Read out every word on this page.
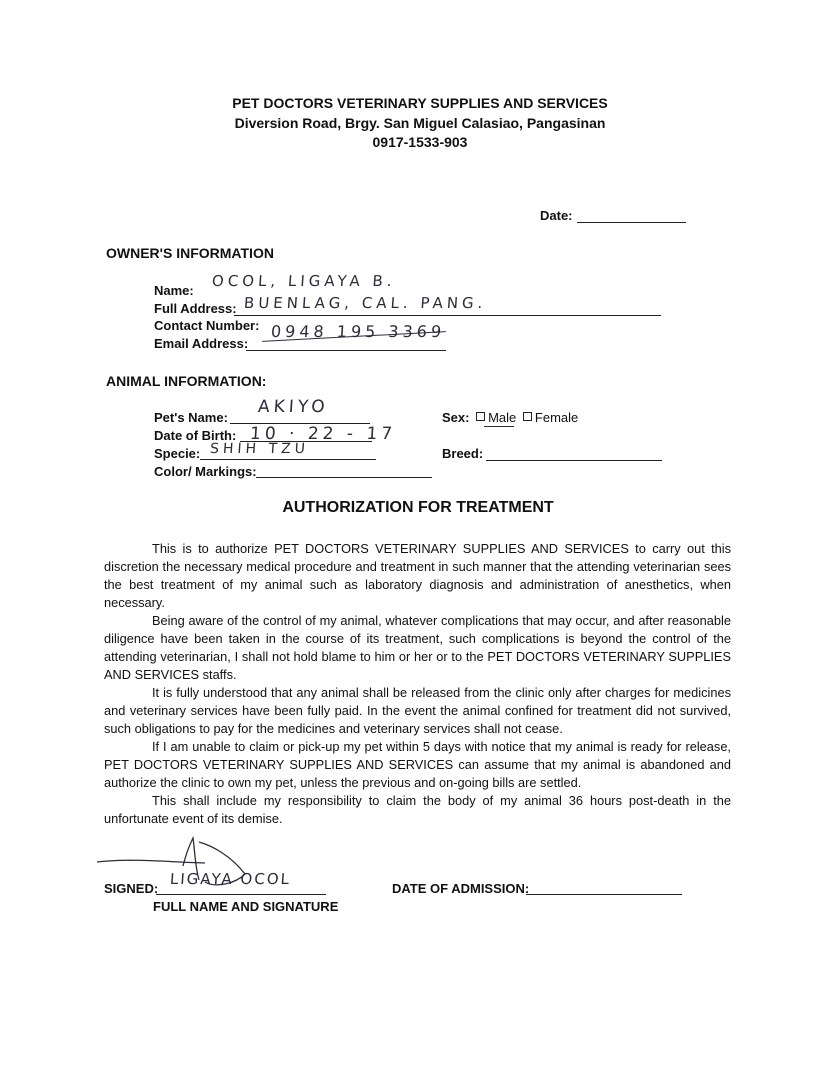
PET DOCTORS VETERINARY SUPPLIES AND SERVICES
Diversion Road, Brgy. San Miguel Calasiao, Pangasinan
0917-1533-903
Date:
OWNER'S INFORMATION
Name:
OCOL, LIGAYA B.
Full Address: BUENLAG, CAL. PANG.
Contact Number: 0948 195 3369
Email Address:
ANIMAL INFORMATION:
Pet's Name:
AKIYO
Date of Birth: 10 · 22 - 17
Specie: SHIH TZU
Color/ Markings:
Sex: Male Female
Breed:
AUTHORIZATION FOR TREATMENT

This is to authorize PET DOCTORS VETERINARY SUPPLIES AND SERVICES to carry out this discretion the necessary medical procedure and treatment in such manner that the attending veterinarian sees the best treatment of my animal such as laboratory diagnosis and administration of anesthetics, when necessary.

Being aware of the control of my animal, whatever complications that may occur, and after reasonable diligence have been taken in the course of its treatment, such complications is beyond the control of the attending veterinarian, I shall not hold blame to him or her or to the PET DOCTORS VETERINARY SUPPLIES AND SERVICES staffs.

It is fully understood that any animal shall be released from the clinic only after charges for medicines and veterinary services have been fully paid. In the event the animal confined for treatment did not survived, such obligations to pay for the medicines and veterinary services shall not cease.

If I am unable to claim or pick-up my pet within 5 days with notice that my animal is ready for release, PET DOCTORS VETERINARY SUPPLIES AND SERVICES can assume that my animal is abandoned and authorize the clinic to own my pet, unless the previous and on-going bills are settled.

This shall include my responsibility to claim the body of my animal 36 hours post-death in the unfortunate event of its demise.

SIGNED:
LIGAYA OCOL
FULL NAME AND SIGNATURE
DATE OF ADMISSION:
